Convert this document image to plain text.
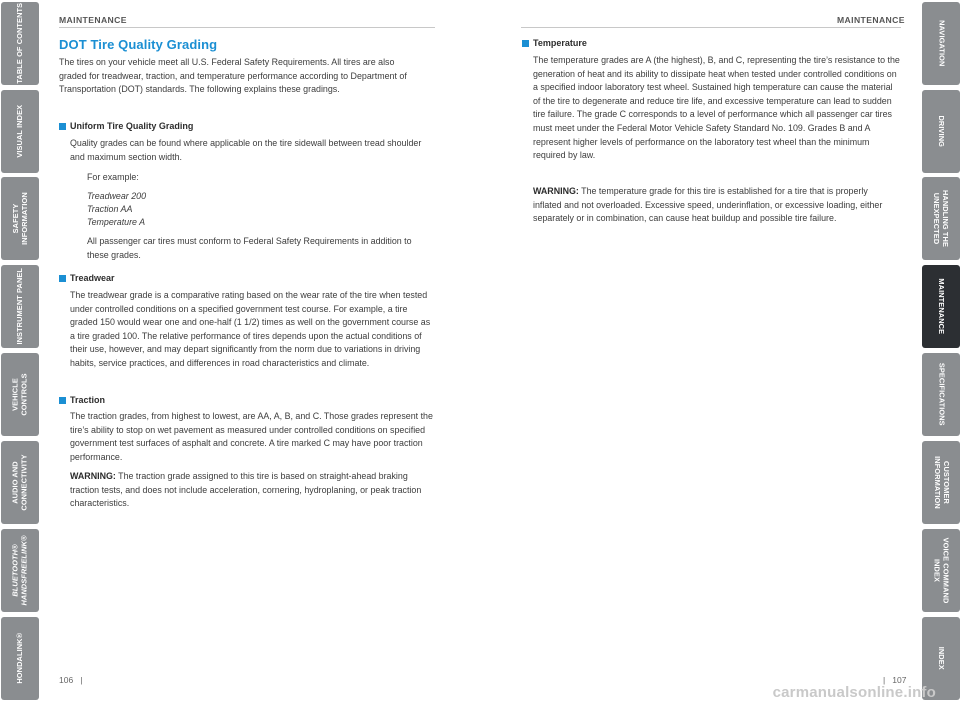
TABLE OF CONTENTS
VISUAL INDEX
SAFETY
INFORMATION
INSTRUMENT PANEL
VEHICLE
CONTROLS
AUDIO AND
CONNECTIVITY
BLUETOOTH®
HANDSFREELINK®
HONDALINK®
NAVIGATION
DRIVING
HANDLING THE
UNEXPECTED
MAINTENANCE
SPECIFICATIONS
CUSTOMER
INFORMATION
VOICE COMMAND
INDEX
INDEX
MAINTENANCE	MAINTENANCE
DOT Tire Quality Grading

The tires on your vehicle meet all U.S. Federal Safety Requirements. All tires are also graded for treadwear, traction, and temperature performance according to Department of Transportation (DOT) standards. The following explains these gradings.

Uniform Tire Quality Grading

Quality grades can be found where applicable on the tire sidewall between tread shoulder and maximum section width.

For example:

Treadwear 200

Traction AA

Temperature A

All passenger car tires must conform to Federal Safety Requirements in addition to these grades.

Treadwear

The treadwear grade is a comparative rating based on the wear rate of the tire when tested under controlled conditions on a specified government test course. For example, a tire graded 150 would wear one and one-half (1 1/2) times as well on the government course as a tire graded 100. The relative performance of tires depends upon the actual conditions of their use, however, and may depart significantly from the norm due to variations in driving habits, service practices, and differences in road characteristics and climate.

Traction

The traction grades, from highest to lowest, are AA, A, B, and C. Those grades represent the tire’s ability to stop on wet pavement as measured under controlled conditions on specified government test surfaces of asphalt and concrete. A tire marked C may have poor traction performance.

WARNING: The traction grade assigned to this tire is based on straight-ahead braking traction tests, and does not include acceleration, cornering, hydroplaning, or peak traction characteristics.

106   |
Temperature

The temperature grades are A (the highest), B, and C, representing the tire’s resistance to the generation of heat and its ability to dissipate heat when tested under controlled conditions on a specified indoor laboratory test wheel. Sustained high temperature can cause the material of the tire to degenerate and reduce tire life, and excessive temperature can lead to sudden tire failure. The grade C corresponds to a level of performance which all passenger car tires must meet under the Federal Motor Vehicle Safety Standard No. 109. Grades B and A represent higher levels of performance on the laboratory test wheel than the minimum required by law.

WARNING: The temperature grade for this tire is established for a tire that is properly inflated and not overloaded. Excessive speed, underinflation, or excessive loading, either separately or in combination, can cause heat buildup and possible tire failure.

|   107
carmanualsonline.info
